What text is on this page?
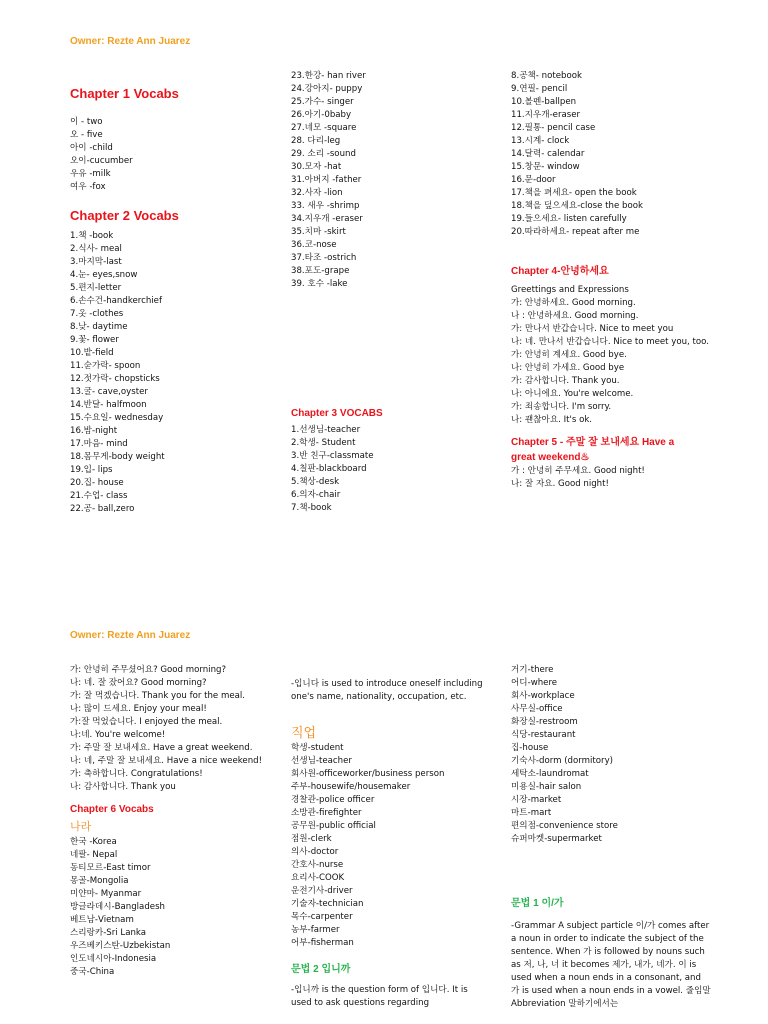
Owner: Rezte Ann Juarez
Chapter 1 Vocabs
이 - two
오 - five
아이 -child
오이-cucumber
우유 -milk
여우 -fox
Chapter 2 Vocabs
1.책 -book
2.식사- meal
3.마지막-last
4.눈- eyes,snow
5.편지-letter
6.손수건-handkerchief
7.옷 -clothes
8.낮- daytime
9.꽃- flower
10.밭-field
11.숟가락- spoon
12.젓가락- chopsticks
13.굴- cave,oyster
14.반달- halfmoon
15.수요일- wednesday
16.밤-night
17.마음- mind
18.몸무게-body weight
19.입- lips
20.집- house
21.수업- class
22.공- ball,zero
23.한강- han river
24.강아지- puppy
25.가수- singer
26.아기-0baby
27.네모 -square
28. 다리-leg
29. 소리 -sound
30.모자 -hat
31.아버지 -father
32.사자 -lion
33. 새우 -shrimp
34.지우개 -eraser
35.치마 -skirt
36.코-nose
37.타조 -ostrich
38.포도-grape
39. 호수 -lake
Chapter 3 VOCABS
1.선생님-teacher
2.학생- Student
3.반 친구-classmate
4.칠판-blackboard
5.책상-desk
6.의자-chair
7.책-book
8.공책- notebook
9.연필- pencil
10.볼펜-ballpen
11.지우개-eraser
12.필통- pencil case
13.시계- clock
14.달력- calendar
15.창문- window
16.문-door
17.책을 펴세요- open the book
18.책을 덮으세요-close the book
19.들으세요- listen carefully
20.따라하세요- repeat after me
Chapter 4-안녕하세요
Greettings and Expressions
가: 안녕하세요. Good morning.
나 : 안녕하세요. Good morning.
가: 만나서 반갑습니다. Nice to meet you
나: 네. 만나서 반갑습니다. Nice to meet you, too.
가: 안녕히 계세요. Good bye.
나: 안녕히 가세요. Good bye
가: 감사합니다. Thank you.
나: 아니에요. You're welcome.
가: 죄송합니다. I'm sorry.
나: 괜찮아요. It's ok.
Chapter 5 - 주말 잘 보내세요 Have a great weekend♨
가 : 안녕히 주무세요. Good night!
나: 잘 자요. Good night!
Owner: Rezte Ann Juarez
가: 안녕히 주무셨어요? Good morning?
나: 네. 잘 잤어요? Good morning?
가: 잘 먹겠습니다. Thank you for the meal.
나: 많이 드세요. Enjoy your meal!
가:잘 먹었습니다. I enjoyed the meal.
나:네. You're welcome!
가: 주말 잘 보내세요. Have a great weekend.
나: 네, 주말 잘 보내세요. Have a nice weekend!
가: 축하합니다. Congratulations!
나: 감사합니다. Thank you
Chapter 6 Vocabs
나라
한국 -Korea
네팔- Nepal
동티모르-East timor
몽골-Mongolia
미얀마- Myanmar
방글라데시-Bangladesh
베트남-Vietnam
스리랑카-Sri Lanka
우즈베키스탄-Uzbekistan
인도네시아-Indonesia
중국-China
-입니다 is used to introduce oneself including one's name, nationality, occupation, etc.
직업
학생-student
선생님-teacher
회사원-officeworker/business person
주부-housewife/housemaker
경찰관-police officer
소방관-firefighter
공무원-public official
점원-clerk
의사-doctor
간호사-nurse
요리사-COOK
운전기사-driver
기술자-technician
목수-carpenter
농부-farmer
어부-fisherman
문법 2 입니까
-입니까 is the question form of 입니다. It is used to ask questions regarding
거기-there
어디-where
회사-workplace
사무실-office
화장실-restroom
식당-restaurant
집-house
기숙사-dorm (dormitory)
세탁소-laundromat
미용실-hair salon
시장-market
마트-mart
편의점-convenience store
슈퍼마켓-supermarket
문법 1 이/가
-Grammar A subject particle 이/가 comes after a noun in order to indicate the subject of the sentence. When 가 is followed by nouns such as 저, 나, 너 it becomes 제가, 내가, 네가. 이 is used when a noun ends in a consonant, and 가 is used when a noun ends in a vowel. 줄임말 Abbreviation 말하기에서는
